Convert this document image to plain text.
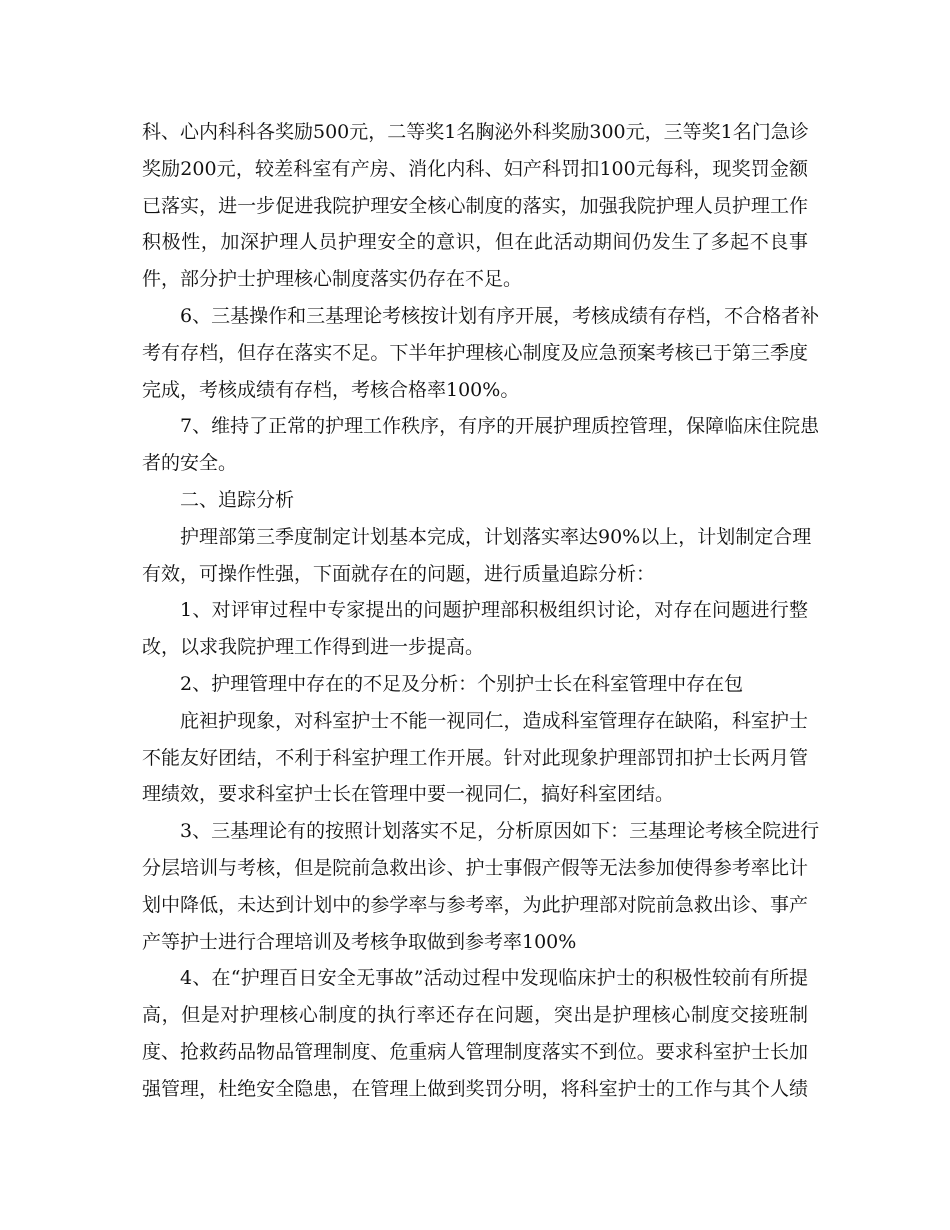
科、心内科科各奖励500元，二等奖1名胸泌外科奖励300元，三等奖1名门急诊
奖励200元，较差科室有产房、消化内科、妇产科罚扣100元每科，现奖罚金额
已落实，进一步促进我院护理安全核心制度的落实，加强我院护理人员护理工作
积极性，加深护理人员护理安全的意识，但在此活动期间仍发生了多起不良事
件，部分护士护理核心制度落实仍存在不足。
6、三基操作和三基理论考核按计划有序开展，考核成绩有存档，不合格者补
考有存档，但存在落实不足。下半年护理核心制度及应急预案考核已于第三季度
完成，考核成绩有存档，考核合格率100%。
7、维持了正常的护理工作秩序，有序的开展护理质控管理，保障临床住院患
者的安全。
二、追踪分析
护理部第三季度制定计划基本完成，计划落实率达90%以上，计划制定合理
有效，可操作性强，下面就存在的问题，进行质量追踪分析：
1、对评审过程中专家提出的问题护理部积极组织讨论，对存在问题进行整
改，以求我院护理工作得到进一步提高。
2、护理管理中存在的不足及分析：个别护士长在科室管理中存在包
庇袒护现象，对科室护士不能一视同仁，造成科室管理存在缺陷，科室护士
不能友好团结，不利于科室护理工作开展。针对此现象护理部罚扣护士长两月管
理绩效，要求科室护士长在管理中要一视同仁，搞好科室团结。
3、三基理论有的按照计划落实不足，分析原因如下：三基理论考核全院进行
分层培训与考核，但是院前急救出诊、护士事假产假等无法参加使得参考率比计
划中降低，未达到计划中的参学率与参考率，为此护理部对院前急救出诊、事产
产等护士进行合理培训及考核争取做到参考率100%
4、在“护理百日安全无事故”活动过程中发现临床护士的积极性较前有所提
高，但是对护理核心制度的执行率还存在问题，突出是护理核心制度交接班制
度、抢救药品物品管理制度、危重病人管理制度落实不到位。要求科室护士长加
强管理，杜绝安全隐患，在管理上做到奖罚分明，将科室护士的工作与其个人绩
